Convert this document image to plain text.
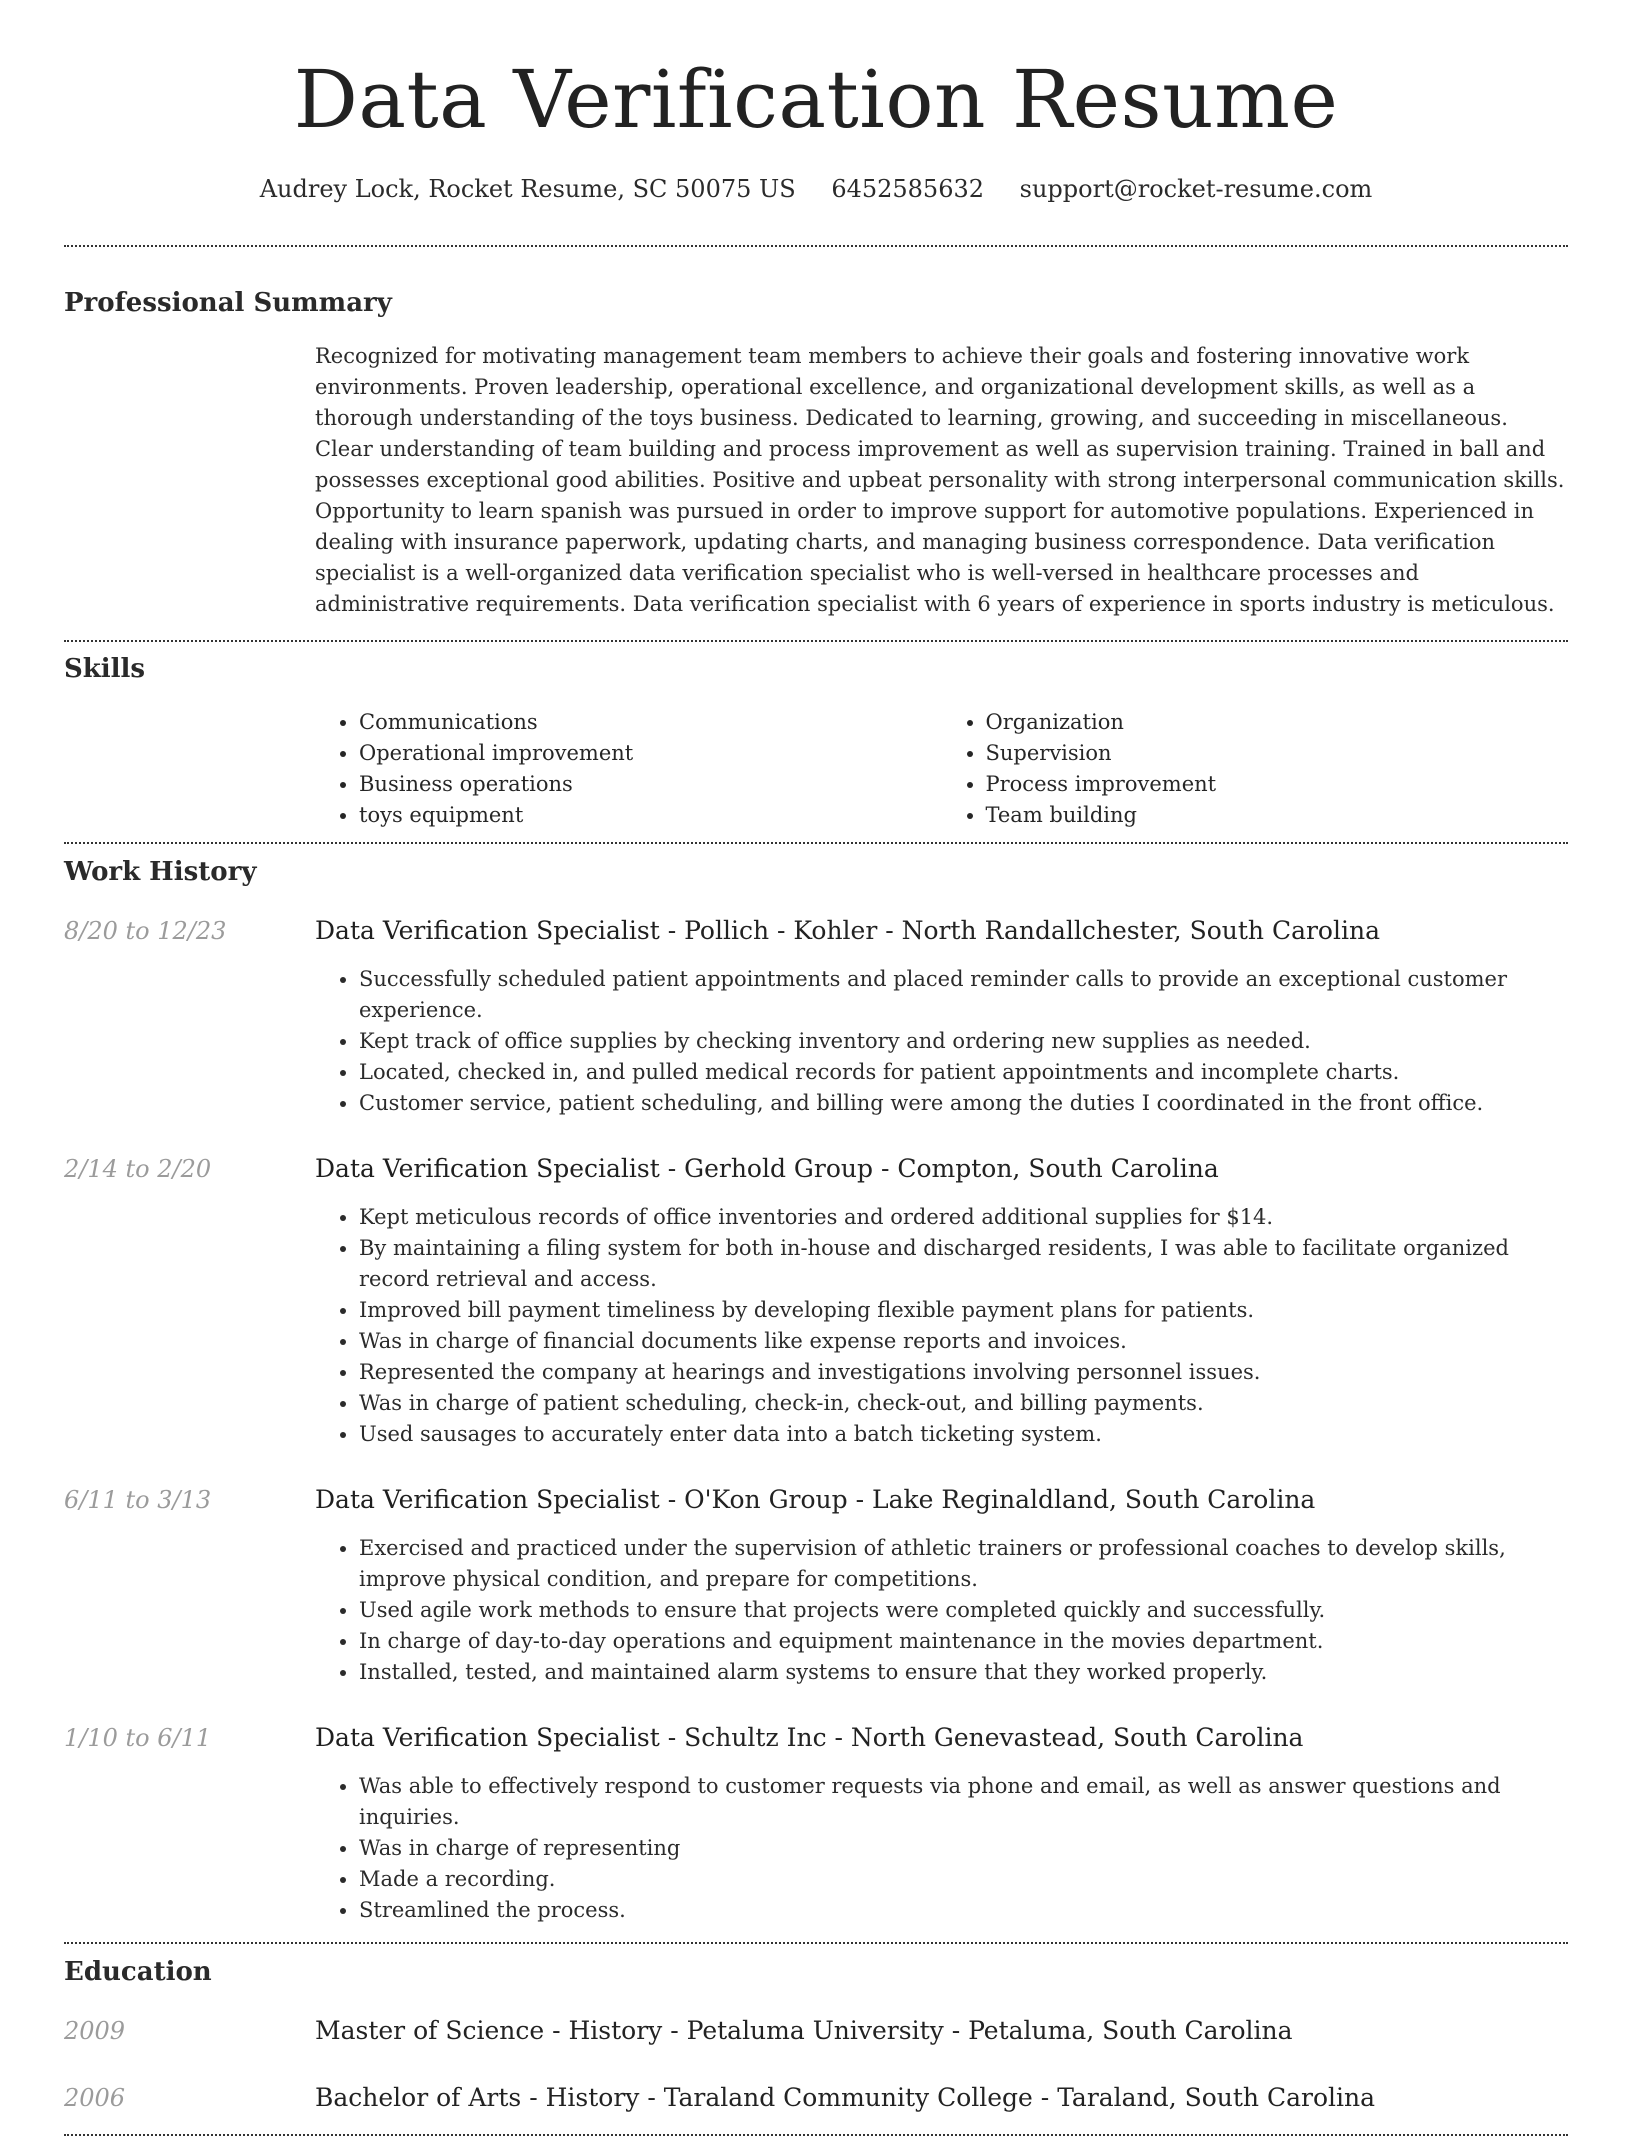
Data Verification Resume
Audrey Lock, Rocket Resume, SC 50075 US 6452585632 support@rocket-resume.com
Professional Summary

Recognized for motivating management team members to achieve their goals and fostering innovative work environments. Proven leadership, operational excellence, and organizational development skills, as well as a thorough understanding of the toys business. Dedicated to learning, growing, and succeeding in miscellaneous. Clear understanding of team building and process improvement as well as supervision training. Trained in ball and possesses exceptional good abilities. Positive and upbeat personality with strong interpersonal communication skills. Opportunity to learn spanish was pursued in order to improve support for automotive populations. Experienced in dealing with insurance paperwork, updating charts, and managing business correspondence. Data verification specialist is a well-organized data verification specialist who is well-versed in healthcare processes and administrative requirements. Data verification specialist with 6 years of experience in sports industry is meticulous.

Skills
• Communications
• Operational improvement
• Business operations
• toys equipment
• Organization
• Supervision
• Process improvement
• Team building
Work History
8/20 to 12/23	Data Verification Specialist - Pollich - Kohler - North Randallchester, South Carolina
• Successfully scheduled patient appointments and placed reminder calls to provide an exceptional customer experience.
• Kept track of office supplies by checking inventory and ordering new supplies as needed.
• Located, checked in, and pulled medical records for patient appointments and incomplete charts.
• Customer service, patient scheduling, and billing were among the duties I coordinated in the front office.
2/14 to 2/20	Data Verification Specialist - Gerhold Group - Compton, South Carolina
• Kept meticulous records of office inventories and ordered additional supplies for $14.
• By maintaining a filing system for both in-house and discharged residents, I was able to facilitate organized record retrieval and access.
• Improved bill payment timeliness by developing flexible payment plans for patients.
• Was in charge of financial documents like expense reports and invoices.
• Represented the company at hearings and investigations involving personnel issues.
• Was in charge of patient scheduling, check-in, check-out, and billing payments.
• Used sausages to accurately enter data into a batch ticketing system.
6/11 to 3/13	Data Verification Specialist - O'Kon Group - Lake Reginaldland, South Carolina
• Exercised and practiced under the supervision of athletic trainers or professional coaches to develop skills, improve physical condition, and prepare for competitions.
• Used agile work methods to ensure that projects were completed quickly and successfully.
• In charge of day-to-day operations and equipment maintenance in the movies department.
• Installed, tested, and maintained alarm systems to ensure that they worked properly.
1/10 to 6/11	Data Verification Specialist - Schultz Inc - North Genevastead, South Carolina
• Was able to effectively respond to customer requests via phone and email, as well as answer questions and inquiries.
• Was in charge of representing
• Made a recording.
• Streamlined the process.
Education
2009	Master of Science - History - Petaluma University - Petaluma, South Carolina
2006	Bachelor of Arts - History - Taraland Community College - Taraland, South Carolina
